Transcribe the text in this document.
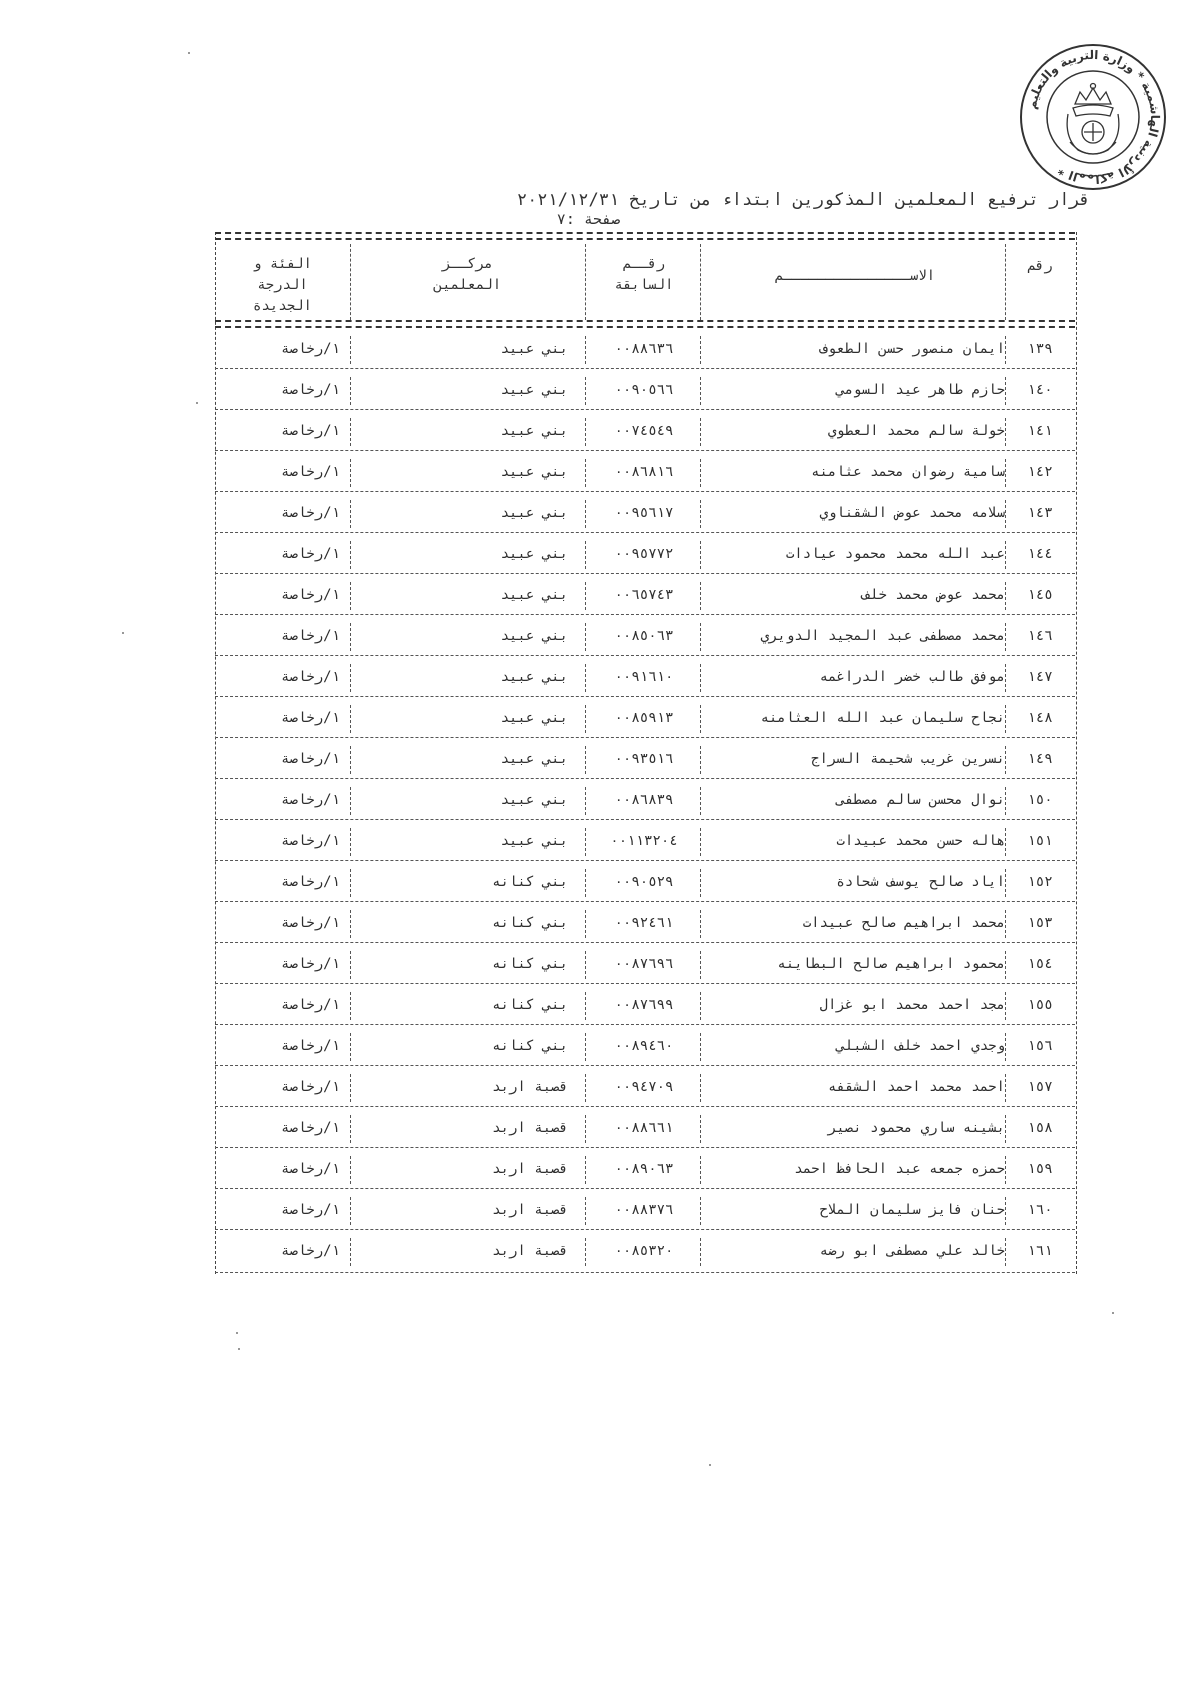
المملكة الأردنية الهاشمية * وزارة التربية والتعليم *
قرار ترفيع المعلمين المذكورين ابتداء من تاريخ ٢٠٢١/١٢/٣١
صفحة :٧
رقم
الاســـــــــــــــم
رقــم
السابقة
مركــز
المعلمين
الفئة و
الدرجة
الجديدة
١٣٩
ايمان منصور حسن الطعوف
٠٠٨٨٦٣٦
بني عبيد
١/رخاصة
١٤٠
حازم طاهر عيد السومي
٠٠٩٠٥٦٦
بني عبيد
١/رخاصة
١٤١
خولة سالم محمد العطوي
٠٠٧٤٥٤٩
بني عبيد
١/رخاصة
١٤٢
سامية رضوان محمد عثامنه
٠٠٨٦٨١٦
بني عبيد
١/رخاصة
١٤٣
سلامه محمد عوض الشقناوي
٠٠٩٥٦١٧
بني عبيد
١/رخاصة
١٤٤
عبد الله محمد محمود عيادات
٠٠٩٥٧٧٢
بني عبيد
١/رخاصة
١٤٥
محمد عوض محمد خلف
٠٠٦٥٧٤٣
بني عبيد
١/رخاصة
١٤٦
محمد مصطفى عبد المجيد الدويري
٠٠٨٥٠٦٣
بني عبيد
١/رخاصة
١٤٧
موفق طالب خضر الدراغمه
٠٠٩١٦١٠
بني عبيد
١/رخاصة
١٤٨
نجاح سليمان عبد الله العثامنه
٠٠٨٥٩١٣
بني عبيد
١/رخاصة
١٤٩
نسرين غريب شحيمة السراج
٠٠٩٣٥١٦
بني عبيد
١/رخاصة
١٥٠
نوال محسن سالم مصطفى
٠٠٨٦٨٣٩
بني عبيد
١/رخاصة
١٥١
هاله حسن محمد عبيدات
٠٠١١٣٢٠٤
بني عبيد
١/رخاصة
١٥٢
اياد صالح يوسف شحادة
٠٠٩٠٥٢٩
بني كنانه
١/رخاصة
١٥٣
محمد ابراهيم صالح عبيدات
٠٠٩٢٤٦١
بني كنانه
١/رخاصة
١٥٤
محمود ابراهيم صالح البطاينه
٠٠٨٧٦٩٦
بني كنانه
١/رخاصة
١٥٥
مجد احمد محمد ابو غزال
٠٠٨٧٦٩٩
بني كنانه
١/رخاصة
١٥٦
وجدي احمد خلف الشبلي
٠٠٨٩٤٦٠
بني كنانه
١/رخاصة
١٥٧
احمد محمد احمد الشقفه
٠٠٩٤٧٠٩
قصبة اربد
١/رخاصة
١٥٨
بشينه ساري محمود نصير
٠٠٨٨٦٦١
قصبة اربد
١/رخاصة
١٥٩
حمزه جمعه عبد الحافظ احمد
٠٠٨٩٠٦٣
قصبة اربد
١/رخاصة
١٦٠
حنان فايز سليمان الملاح
٠٠٨٨٣٧٦
قصبة اربد
١/رخاصة
١٦١
خالد علي مصطفى ابو رضه
٠٠٨٥٣٢٠
قصبة اربد
١/رخاصة
